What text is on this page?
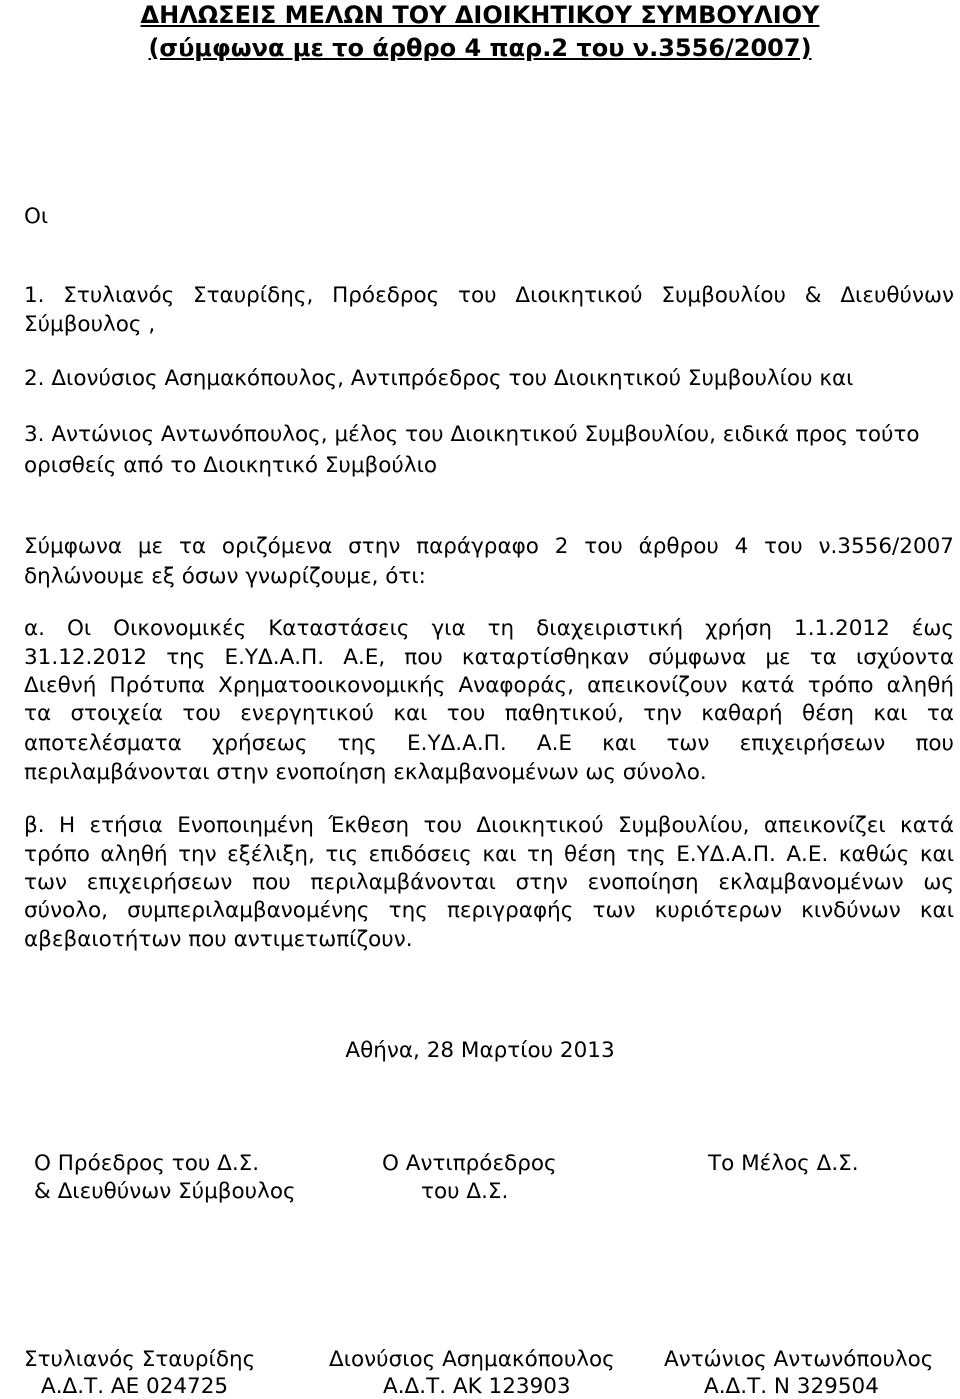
ΔΗΛΩΣΕΙΣ ΜΕΛΩΝ ΤΟΥ ΔΙΟΙΚΗΤΙΚΟΥ ΣΥΜΒΟΥΛΙΟΥ
(σύμφωνα με το άρθρο 4 παρ.2 του ν.3556/2007)
Οι
1. Στυλιανός Σταυρίδης, Πρόεδρος του Διοικητικού Συμβουλίου & Διευθύνων
Σύμβουλος ,
2. Διονύσιος Ασημακόπουλος, Αντιπρόεδρος του Διοικητικού Συμβουλίου και
3. Αντώνιος Αντωνόπουλος, μέλος του Διοικητικού Συμβουλίου, ειδικά προς τούτο
ορισθείς από το Διοικητικό Συμβούλιο
Σύμφωνα με τα οριζόμενα στην παράγραφο 2 του άρθρου 4 του ν.3556/2007
δηλώνουμε εξ όσων γνωρίζουμε, ότι:
α. Οι Οικονομικές Καταστάσεις για τη διαχειριστική χρήση 1.1.2012 έως
31.12.2012 της Ε.ΥΔ.Α.Π. Α.Ε, που καταρτίσθηκαν σύμφωνα με τα ισχύοντα
Διεθνή Πρότυπα Χρηματοοικονομικής Αναφοράς, απεικονίζουν κατά τρόπο αληθή
τα στοιχεία του ενεργητικού και του παθητικού, την καθαρή θέση και τα
αποτελέσματα χρήσεως της Ε.ΥΔ.Α.Π. Α.Ε και των επιχειρήσεων που
περιλαμβάνονται στην ενοποίηση εκλαμβανομένων ως σύνολο.
β. Η ετήσια Ενοποιημένη Έκθεση του Διοικητικού Συμβουλίου, απεικονίζει κατά
τρόπο αληθή την εξέλιξη, τις επιδόσεις και τη θέση της Ε.ΥΔ.Α.Π. Α.Ε. καθώς και
των επιχειρήσεων που περιλαμβάνονται στην ενοποίηση εκλαμβανομένων ως
σύνολο, συμπεριλαμβανομένης της περιγραφής των κυριότερων κινδύνων και
αβεβαιοτήτων που αντιμετωπίζουν.
Αθήνα, 28 Μαρτίου 2013
Ο Πρόεδρος του Δ.Σ.
& Διευθύνων Σύμβουλος
Ο Αντιπρόεδρος
του Δ.Σ.
Το Μέλος Δ.Σ.
Στυλιανός Σταυρίδης
Α.Δ.Τ. ΑΕ 024725
Διονύσιος Ασημακόπουλος
Α.Δ.Τ. ΑΚ 123903
Αντώνιος Αντωνόπουλος
Α.Δ.Τ. Ν 329504
